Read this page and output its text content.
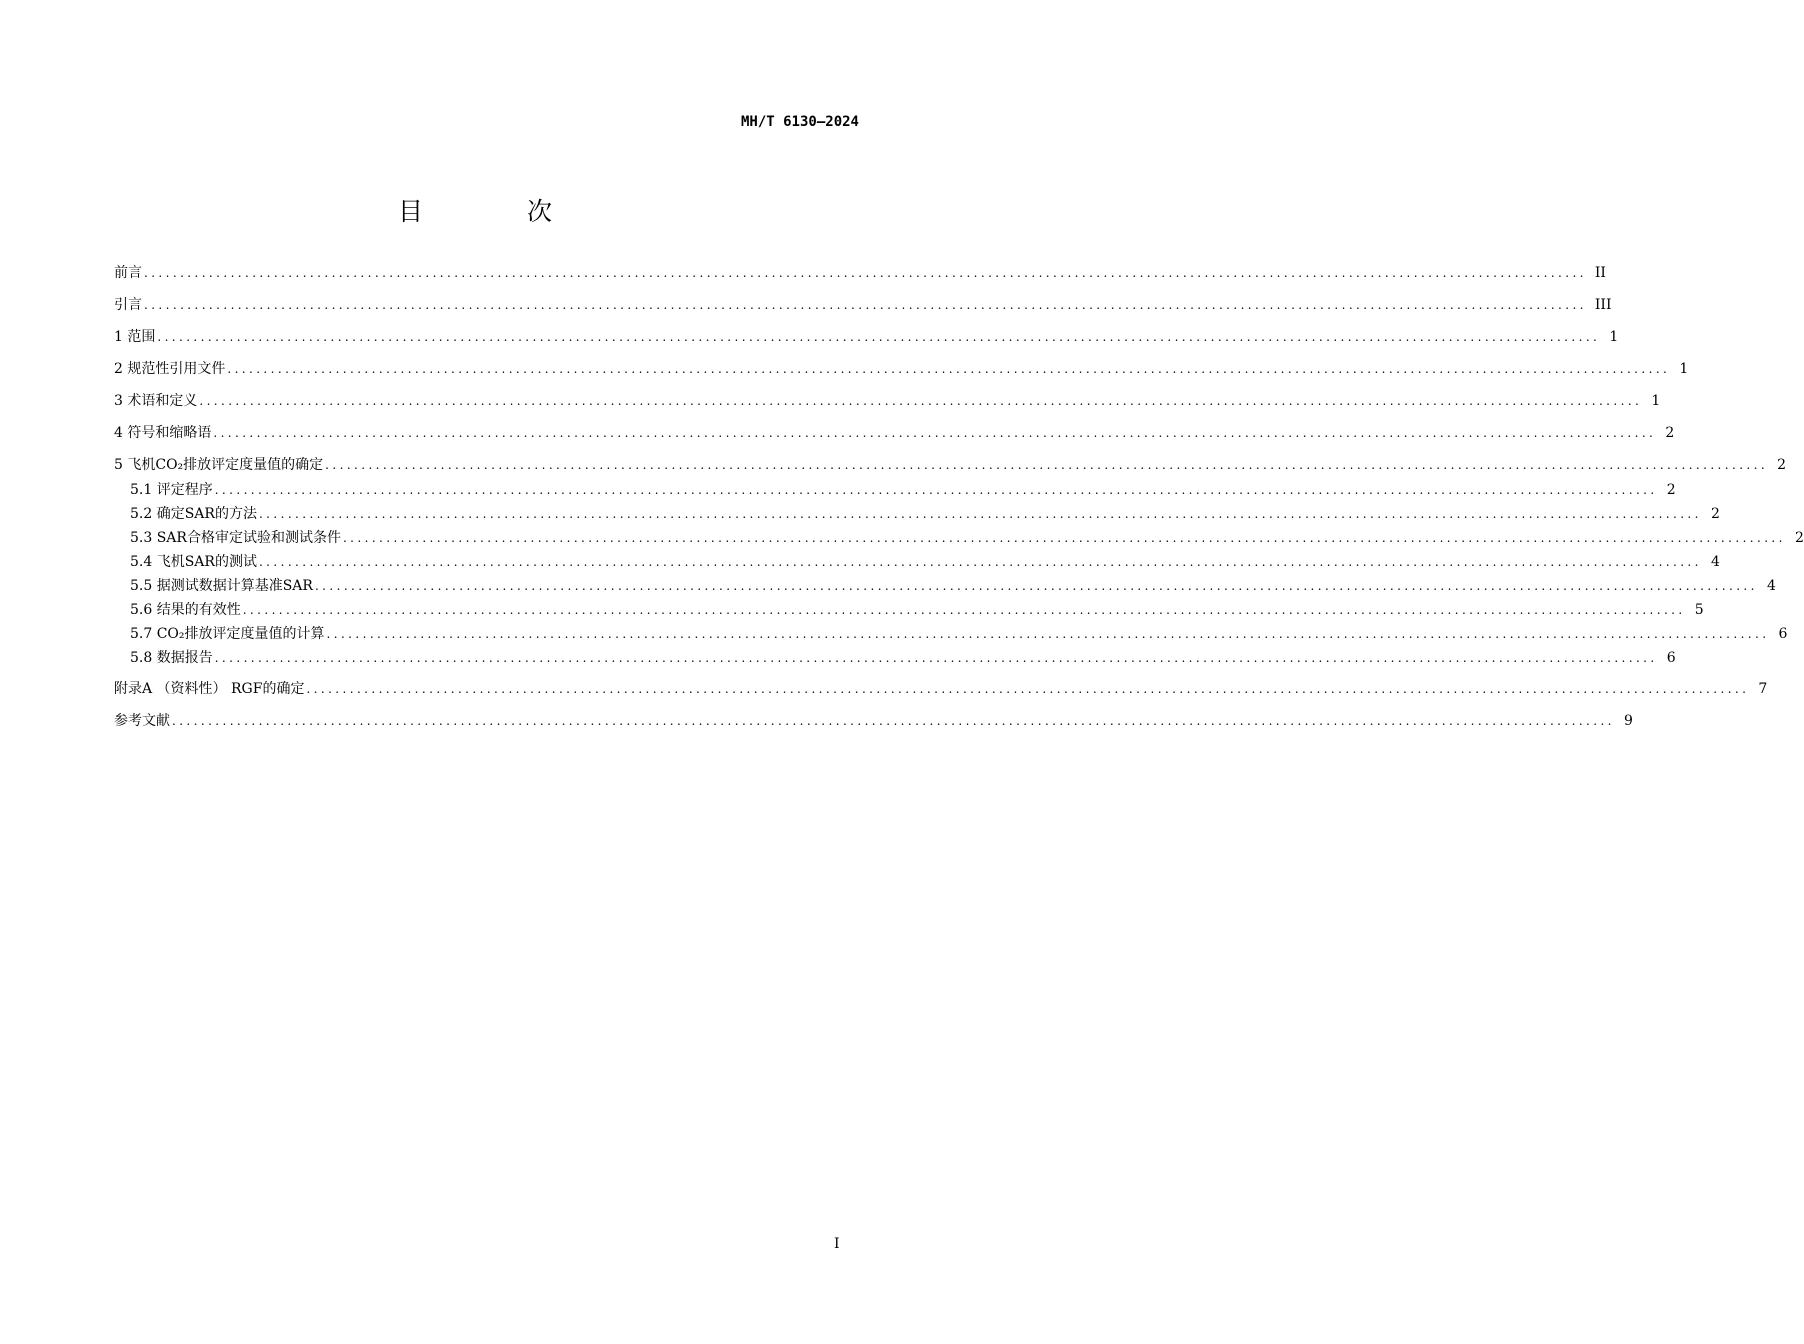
MH/T 6130—2024
目 次
前言 ........................................................................................................................................................................................................ II
引言 ........................................................................................................................................................................................................ III
1 范围 ........................................................................................................................................................................................................ 1
2 规范性引用文件 ........................................................................................................................................................................................................ 1
3 术语和定义 ........................................................................................................................................................................................................ 1
4 符号和缩略语 ........................................................................................................................................................................................................ 2
5 飞机CO₂排放评定度量值的确定 ........................................................................................................................................................................................................ 2
5.1 评定程序 ........................................................................................................................................................................................................ 2
5.2 确定SAR的方法 ........................................................................................................................................................................................................ 2
5.3 SAR合格审定试验和测试条件 ........................................................................................................................................................................................................ 2
5.4 飞机SAR的测试 ........................................................................................................................................................................................................ 4
5.5 据测试数据计算基准SAR ........................................................................................................................................................................................................ 4
5.6 结果的有效性 ........................................................................................................................................................................................................ 5
5.7 CO₂排放评定度量值的计算 ........................................................................................................................................................................................................ 6
5.8 数据报告 ........................................................................................................................................................................................................ 6
附录A （资料性） RGF的确定 ........................................................................................................................................................................................................ 7
参考文献 ........................................................................................................................................................................................................ 9
I
